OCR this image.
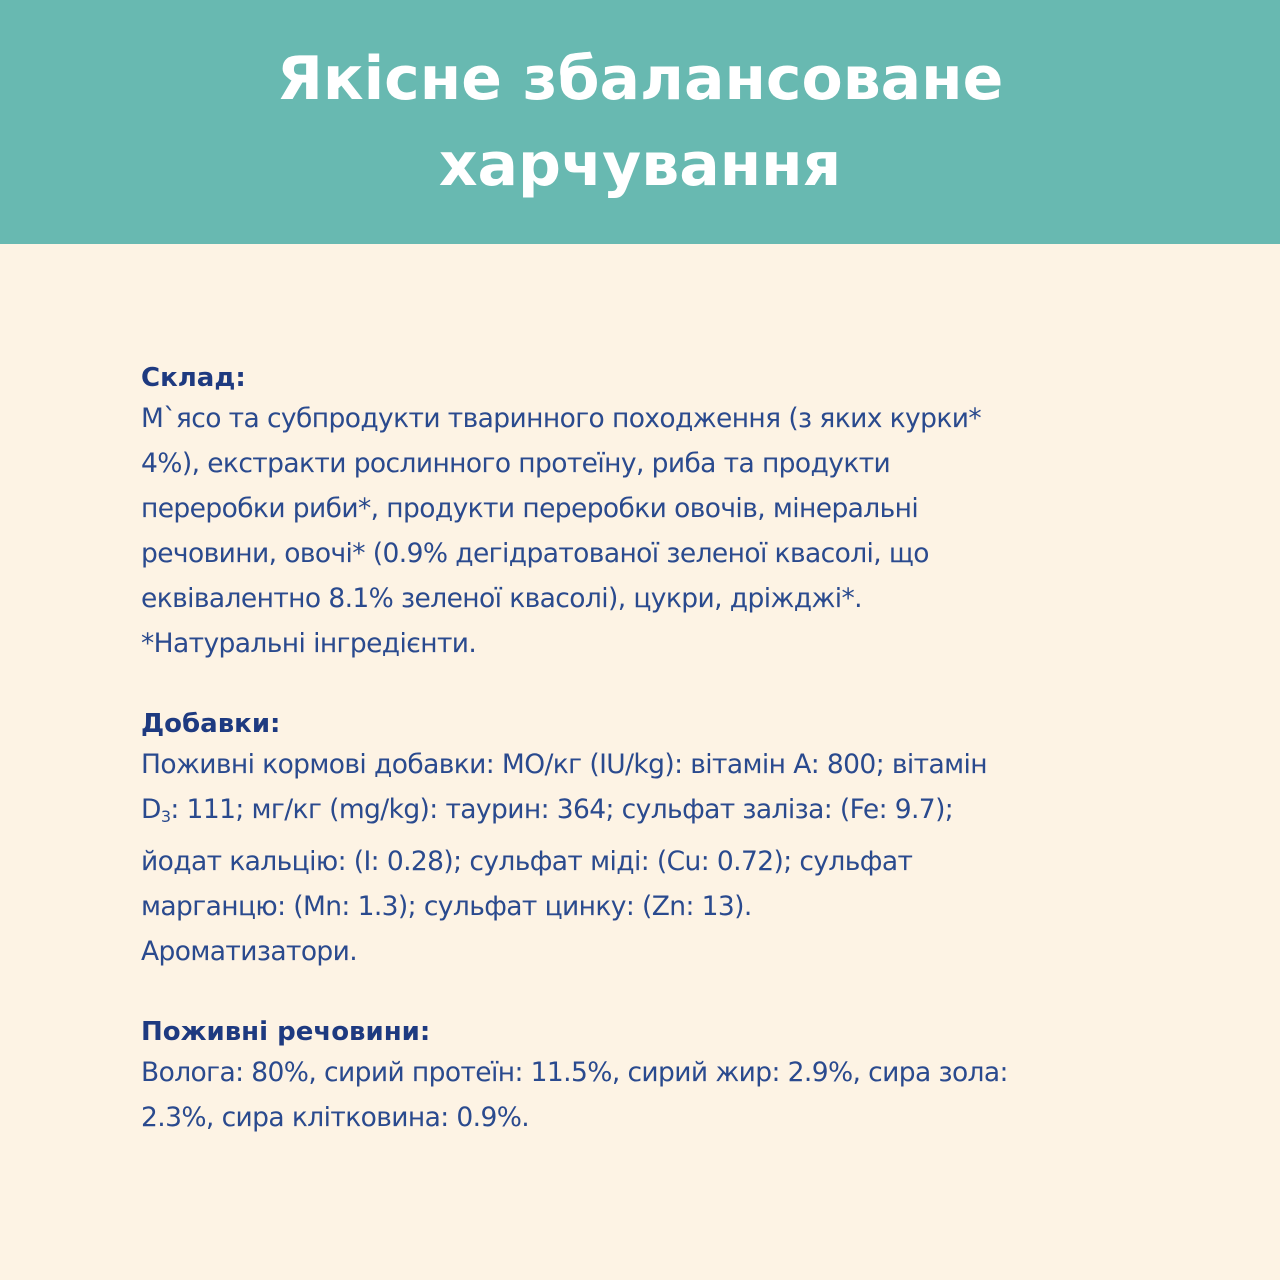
Якісне збалансоване
харчування
Склад:

М`ясо та субпродукти тваринного походження (з яких курки*
4%), екстракти рослинного протеїну, риба та продукти
переробки риби*, продукти переробки овочів, мінеральні
речовини, овочі* (0.9% дегідратованої зеленої квасолі, що
еквівалентно 8.1% зеленої квасолі), цукри, дріжджі*.
*Натуральні інгредієнти.

Добавки:

Поживні кормові добавки: МО/кг (IU/kg): вітамін А: 800; вітамін
$D_3$: 111; мг/кг (mg/kg): таурин: 364; сульфат заліза: (Fe: 9.7);
йодат кальцію: (I: 0.28); сульфат міді: (Cu: 0.72); сульфат
марганцю: (Mn: 1.3); сульфат цинку: (Zn: 13).
Ароматизатори.

Поживні речовини:

Волога: 80%, сирий протеїн: 11.5%, сирий жир: 2.9%, сира зола:
2.3%, сира клітковина: 0.9%.
